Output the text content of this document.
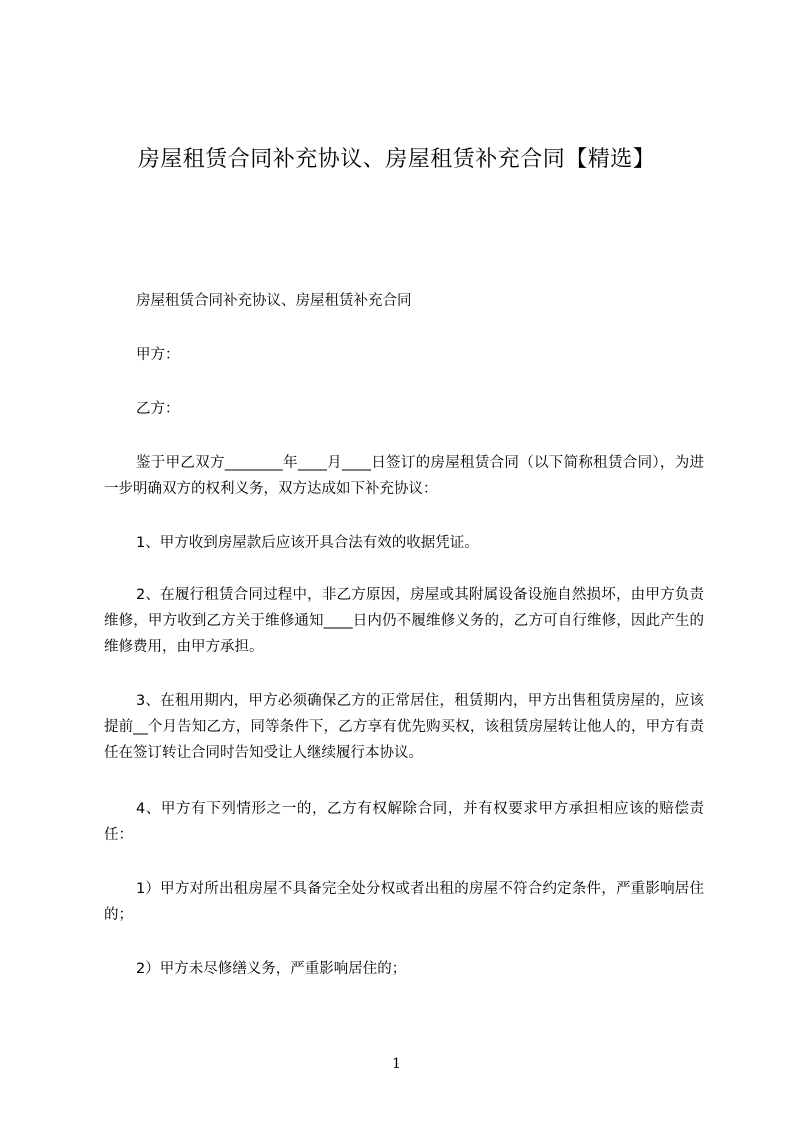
房屋租赁合同补充协议、房屋租赁补充合同【精选】
房屋租赁合同补充协议、房屋租赁补充合同
甲方：
乙方：
鉴于甲乙双方________年____月____日签订的房屋租赁合同（以下简称租赁合同），为进一步明确双方的权利义务，双方达成如下补充协议：
1、甲方收到房屋款后应该开具合法有效的收据凭证。
2、在履行租赁合同过程中，非乙方原因，房屋或其附属设备设施自然损坏，由甲方负责维修，甲方收到乙方关于维修通知____日内仍不履维修义务的，乙方可自行维修，因此产生的维修费用，由甲方承担。
3、在租用期内，甲方必须确保乙方的正常居住，租赁期内，甲方出售租赁房屋的，应该提前__个月告知乙方，同等条件下，乙方享有优先购买权，该租赁房屋转让他人的，甲方有责任在签订转让合同时告知受让人继续履行本协议。
4、甲方有下列情形之一的，乙方有权解除合同，并有权要求甲方承担相应该的赔偿责任：
1）甲方对所出租房屋不具备完全处分权或者出租的房屋不符合约定条件，严重影响居住的；
2）甲方未尽修缮义务，严重影响居住的；
1
